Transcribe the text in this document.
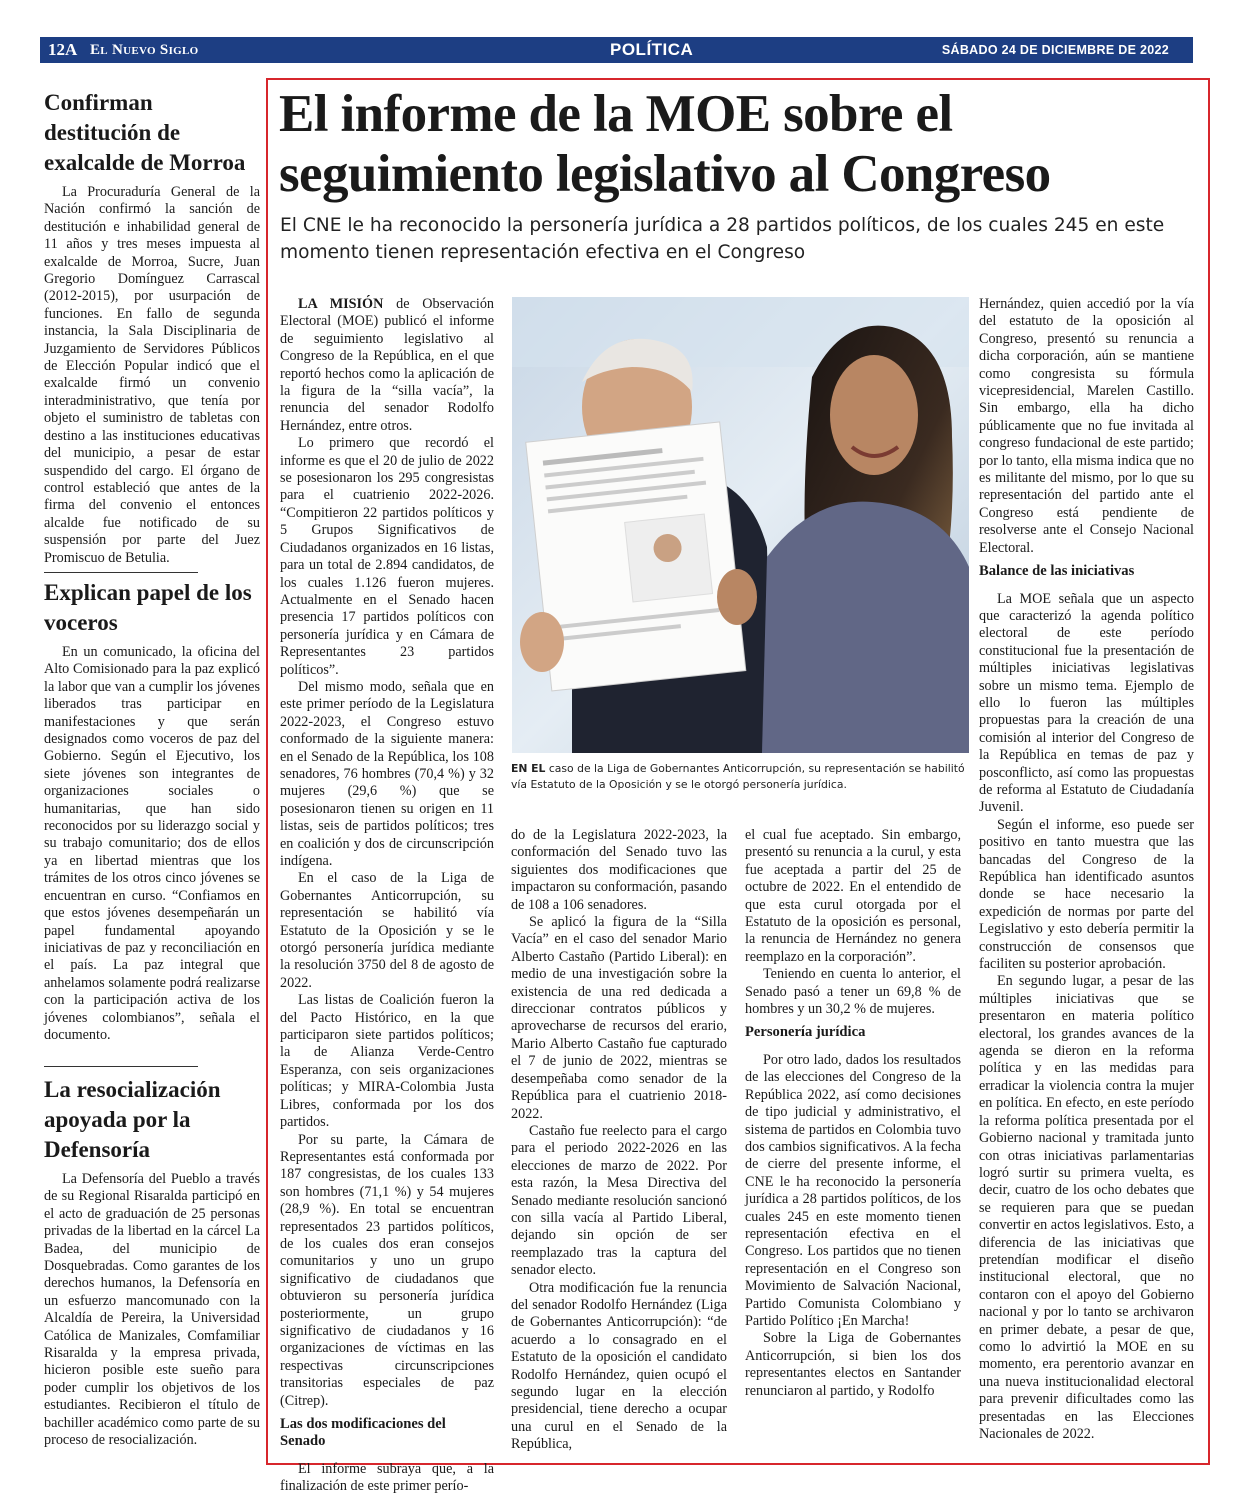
12A El Nuevo Siglo	POLÍTICA	SÁBADO 24 DE DICIEMBRE DE 2022
Confirman destitución de exalcalde de Morroa

La Procuraduría General de la Nación confirmó la sanción de destitución e inhabilidad general de 11 años y tres meses impuesta al exalcalde de Morroa, Sucre, Juan Gregorio Domínguez Carrascal (2012-2015), por usurpación de funciones. En fallo de segunda instancia, la Sala Disciplinaria de Juzgamiento de Servidores Públicos de Elección Popular indicó que el exalcalde firmó un convenio interadministrativo, que tenía por objeto el suministro de tabletas con destino a las instituciones educativas del municipio, a pesar de estar suspendido del cargo. El órgano de control estableció que antes de la firma del convenio el entonces alcalde fue notificado de su suspensión por parte del Juez Promiscuo de Betulia.

Explican papel de los voceros

En un comunicado, la oficina del Alto Comisionado para la paz explicó la labor que van a cumplir los jóvenes liberados tras participar en manifestaciones y que serán designados como voceros de paz del Gobierno. Según el Ejecutivo, los siete jóvenes son integrantes de organizaciones sociales o humanitarias, que han sido reconocidos por su liderazgo social y su trabajo comunitario; dos de ellos ya en libertad mientras que los trámites de los otros cinco jóvenes se encuentran en curso. “Confiamos en que estos jóvenes desempeñarán un papel fundamental apoyando iniciativas de paz y reconciliación en el país. La paz integral que anhelamos solamente podrá realizarse con la participación activa de los jóvenes colombianos”, señala el documento.

La resocialización apoyada por la Defensoría

La Defensoría del Pueblo a través de su Regional Risaralda participó en el acto de graduación de 25 personas privadas de la libertad en la cárcel La Badea, del municipio de Dosquebradas. Como garantes de los derechos humanos, la Defensoría en un esfuerzo mancomunado con la Alcaldía de Pereira, la Universidad Católica de Manizales, Comfamiliar Risaralda y la empresa privada, hicieron posible este sueño para poder cumplir los objetivos de los estudiantes. Recibieron el título de bachiller académico como parte de su proceso de resocialización.

El informe de la MOE sobre el seguimiento legislativo al Congreso

El CNE le ha reconocido la personería jurídica a 28 partidos políticos, de los cuales 245 en este momento tienen representación efectiva en el Congreso

LA MISIÓN de Observación Electoral (MOE) publicó el informe de seguimiento legislativo al Congreso de la República, en el que reportó hechos como la aplicación de la figura de la “silla vacía”, la renuncia del senador Rodolfo Hernández, entre otros.

Lo primero que recordó el informe es que el 20 de julio de 2022 se posesionaron los 295 congresistas para el cuatrienio 2022-2026. “Compitieron 22 partidos políticos y 5 Grupos Significativos de Ciudadanos organizados en 16 listas, para un total de 2.894 candidatos, de los cuales 1.126 fueron mujeres. Actualmente en el Senado hacen presencia 17 partidos políticos con personería jurídica y en Cámara de Representantes 23 partidos políticos”.

Del mismo modo, señala que en este primer período de la Legislatura 2022-2023, el Congreso estuvo conformado de la siguiente manera: en el Senado de la República, los 108 senadores, 76 hombres (70,4 %) y 32 mujeres (29,6 %) que se posesionaron tienen su origen en 11 listas, seis de partidos políticos; tres en coalición y dos de circunscripción indígena.

En el caso de la Liga de Gobernantes Anticorrupción, su representación se habilitó vía Estatuto de la Oposición y se le otorgó personería jurídica mediante la resolución 3750 del 8 de agosto de 2022.

Las listas de Coalición fueron la del Pacto Histórico, en la que participaron siete partidos políticos; la de Alianza Verde-Centro Esperanza, con seis organizaciones políticas; y MIRA-Colombia Justa Libres, conformada por los dos partidos.

Por su parte, la Cámara de Representantes está conformada por 187 congresistas, de los cuales 133 son hombres (71,1 %) y 54 mujeres (28,9 %). En total se encuentran representados 23 partidos políticos, de los cuales dos eran consejos comunitarios y uno un grupo significativo de ciudadanos que obtuvieron su personería jurídica posteriormente, un grupo significativo de ciudadanos y 16 organizaciones de víctimas en las respectivas circunscripciones transitorias especiales de paz (Citrep).

Las dos modificaciones del Senado

El informe subraya que, a la finalización de este primer perío-

EN EL caso de la Liga de Gobernantes Anticorrupción, su representación se habilitó vía Estatuto de la Oposición y se le otorgó personería jurídica.

do de la Legislatura 2022-2023, la conformación del Senado tuvo las siguientes dos modificaciones que impactaron su conformación, pasando de 108 a 106 senadores.

Se aplicó la figura de la “Silla Vacía” en el caso del senador Mario Alberto Castaño (Partido Liberal): en medio de una investigación sobre la existencia de una red dedicada a direccionar contratos públicos y aprovecharse de recursos del erario, Mario Alberto Castaño fue capturado el 7 de junio de 2022, mientras se desempeñaba como senador de la República para el cuatrienio 2018-2022.

Castaño fue reelecto para el cargo para el periodo 2022-2026 en las elecciones de marzo de 2022. Por esta razón, la Mesa Directiva del Senado mediante resolución sancionó con silla vacía al Partido Liberal, dejando sin opción de ser reemplazado tras la captura del senador electo.

Otra modificación fue la renuncia del senador Rodolfo Hernández (Liga de Gobernantes Anticorrupción): “de acuerdo a lo consagrado en el Estatuto de la oposición el candidato Rodolfo Hernández, quien ocupó el segundo lugar en la elección presidencial, tiene derecho a ocupar una curul en el Senado de la República,

el cual fue aceptado. Sin embargo, presentó su renuncia a la curul, y esta fue aceptada a partir del 25 de octubre de 2022. En el entendido de que esta curul otorgada por el Estatuto de la oposición es personal, la renuncia de Hernández no genera reemplazo en la corporación”.

Teniendo en cuenta lo anterior, el Senado pasó a tener un 69,8 % de hombres y un 30,2 % de mujeres.

Personería jurídica

Por otro lado, dados los resultados de las elecciones del Congreso de la República 2022, así como decisiones de tipo judicial y administrativo, el sistema de partidos en Colombia tuvo dos cambios significativos. A la fecha de cierre del presente informe, el CNE le ha reconocido la personería jurídica a 28 partidos políticos, de los cuales 245 en este momento tienen representación efectiva en el Congreso. Los partidos que no tienen representación en el Congreso son Movimiento de Salvación Nacional, Partido Comunista Colombiano y Partido Político ¡En Marcha!

Sobre la Liga de Gobernantes Anticorrupción, si bien los dos representantes electos en Santander renunciaron al partido, y Rodolfo

Hernández, quien accedió por la vía del estatuto de la oposición al Congreso, presentó su renuncia a dicha corporación, aún se mantiene como congresista su fórmula vicepresidencial, Marelen Castillo. Sin embargo, ella ha dicho públicamente que no fue invitada al congreso fundacional de este partido; por lo tanto, ella misma indica que no es militante del mismo, por lo que su representación del partido ante el Congreso está pendiente de resolverse ante el Consejo Nacional Electoral.

Balance de las iniciativas

La MOE señala que un aspecto que caracterizó la agenda político electoral de este período constitucional fue la presentación de múltiples iniciativas legislativas sobre un mismo tema. Ejemplo de ello lo fueron las múltiples propuestas para la creación de una comisión al interior del Congreso de la República en temas de paz y posconflicto, así como las propuestas de reforma al Estatuto de Ciudadanía Juvenil.

Según el informe, eso puede ser positivo en tanto muestra que las bancadas del Congreso de la República han identificado asuntos donde se hace necesario la expedición de normas por parte del Legislativo y esto debería permitir la construcción de consensos que faciliten su posterior aprobación.

En segundo lugar, a pesar de las múltiples iniciativas que se presentaron en materia político electoral, los grandes avances de la agenda se dieron en la reforma política y en las medidas para erradicar la violencia contra la mujer en política. En efecto, en este período la reforma política presentada por el Gobierno nacional y tramitada junto con otras iniciativas parlamentarias logró surtir su primera vuelta, es decir, cuatro de los ocho debates que se requieren para que se puedan convertir en actos legislativos. Esto, a diferencia de las iniciativas que pretendían modificar el diseño institucional electoral, que no contaron con el apoyo del Gobierno nacional y por lo tanto se archivaron en primer debate, a pesar de que, como lo advirtió la MOE en su momento, era perentorio avanzar en una nueva institucionalidad electoral para prevenir dificultades como las presentadas en las Elecciones Nacionales de 2022.
